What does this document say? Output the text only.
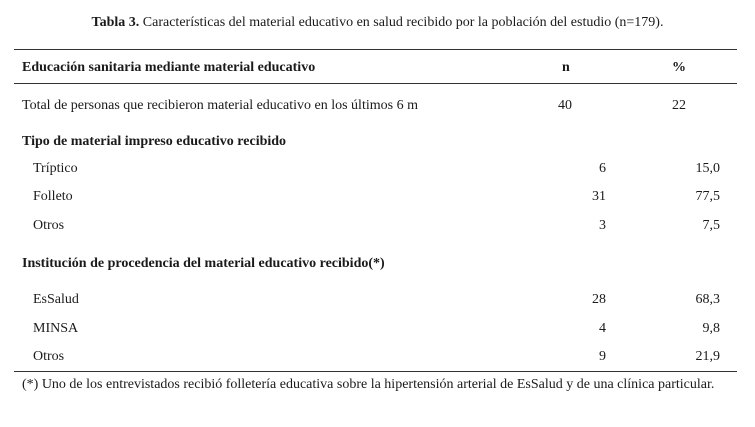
Tabla 3. Características del material educativo en salud recibido por la población del estudio (n=179).
Educación sanitaria mediante material educativo	n	%
Total de personas que recibieron material educativo en los últimos 6 m	40	22
Tipo de material impreso educativo recibido
Tríptico	6	15,0
Folleto	31	77,5
Otros	3	7,5
Institución de procedencia del material educativo recibido(*)
EsSalud	28	68,3
MINSA	4	9,8
Otros	9	21,9
(*) Uno de los entrevistados recibió folletería educativa sobre la hipertensión arterial de EsSalud y de una clínica particular.
